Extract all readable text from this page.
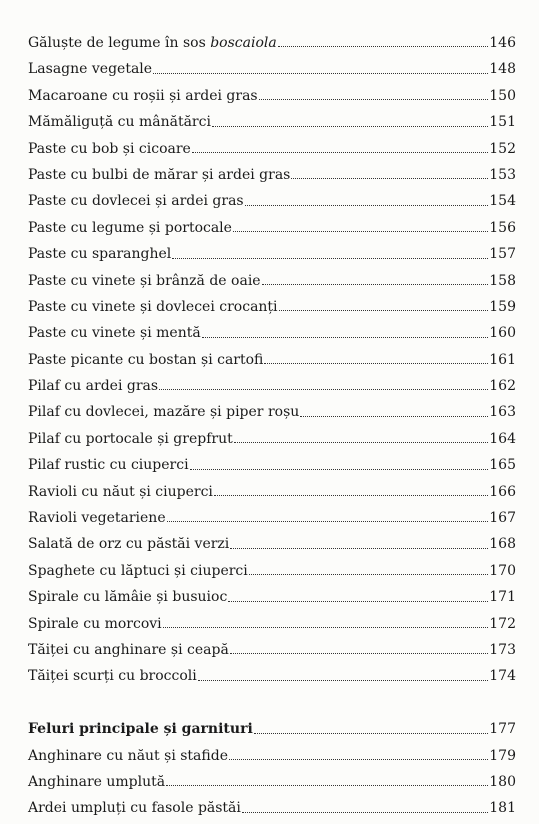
Găluște de legume în sos boscaiola	146
Lasagne vegetale	148
Macaroane cu roșii și ardei gras	150
Mămăliguță cu mânătărci	151
Paste cu bob și cicoare	152
Paste cu bulbi de mărar și ardei gras	153
Paste cu dovlecei și ardei gras	154
Paste cu legume și portocale	156
Paste cu sparanghel	157
Paste cu vinete și brânză de oaie	158
Paste cu vinete și dovlecei crocanți	159
Paste cu vinete și mentă	160
Paste picante cu bostan și cartofi	161
Pilaf cu ardei gras	162
Pilaf cu dovlecei, mazăre și piper roșu	163
Pilaf cu portocale și grepfrut	164
Pilaf rustic cu ciuperci	165
Ravioli cu năut și ciuperci	166
Ravioli vegetariene	167
Salată de orz cu păstăi verzi	168
Spaghete cu lăptuci și ciuperci	170
Spirale cu lămâie și busuioc	171
Spirale cu morcovi	172
Tăiței cu anghinare și ceapă	173
Tăiței scurți cu broccoli	174
Feluri principale și garnituri	177
Anghinare cu năut și stafide	179
Anghinare umplută	180
Ardei umpluți cu fasole păstăi	181
